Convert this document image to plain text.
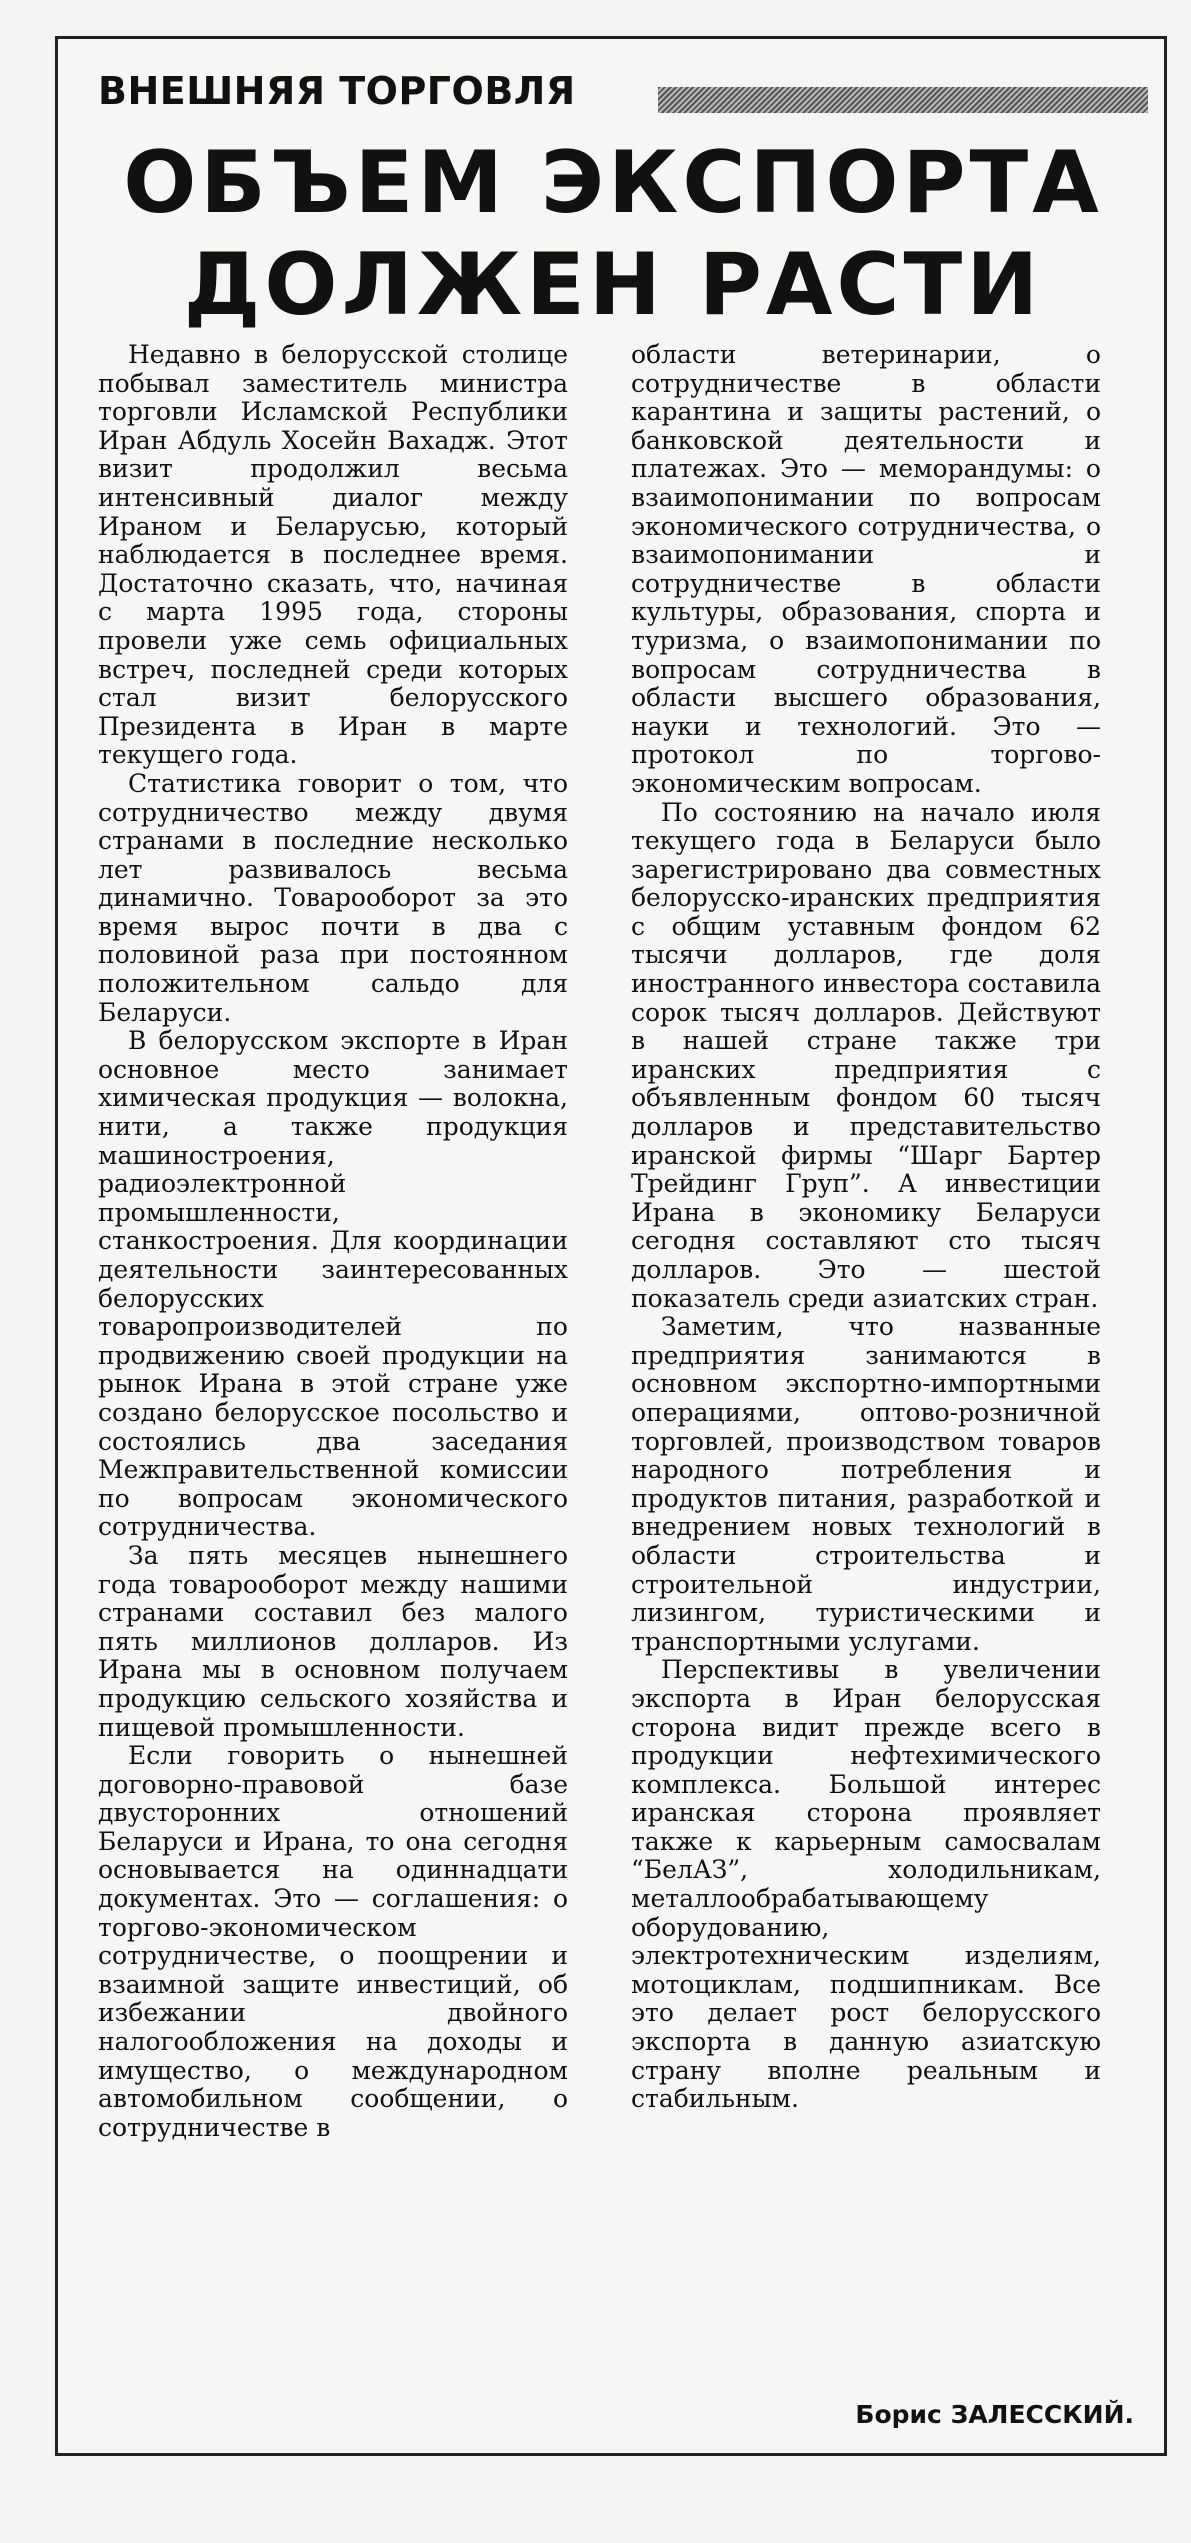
ВНЕШНЯЯ ТОРГОВЛЯ
ОБЪЕМ ЭКСПОРТА
ДОЛЖЕН РАСТИ

Недавно в белорусской столице побывал заместитель министра торговли Исламской Республики Иран Абдуль Хосейн Вахадж. Этот визит продолжил весьма интенсивный диалог между Ираном и Беларусью, который наблюдается в последнее время. Достаточно сказать, что, начиная с марта 1995 года, стороны провели уже семь официальных встреч, последней среди которых стал визит белорусского Президента в Иран в марте текущего года.

Статистика говорит о том, что сотрудничество между двумя странами в последние несколько лет развивалось весьма динамично. Товарооборот за это время вырос почти в два с половиной раза при постоянном положительном сальдо для Беларуси.

В белорусском экспорте в Иран основное место занимает химическая продукция — волокна, нити, а также продукция машиностроения, радиоэлектронной промышленности, станкостроения. Для координации деятельности заинтересованных белорусских товаропроизводителей по продвижению своей продукции на рынок Ирана в этой стране уже создано белорусское посольство и состоялись два заседания Межправительственной комиссии по вопросам экономического сотрудничества.

За пять месяцев нынешнего года товарооборот между нашими странами составил без малого пять миллионов долларов. Из Ирана мы в основном получаем продукцию сельского хозяйства и пищевой промышленности.

Если говорить о нынешней договорно-правовой базе двусторонних отношений Беларуси и Ирана, то она сегодня основывается на одиннадцати документах. Это — соглашения: о торгово-экономическом сотрудничестве, о поощрении и взаимной защите инвестиций, об избежании двойного налогообложения на доходы и имущество, о международном автомобильном сообщении, о сотрудничестве в

области ветеринарии, о сотрудничестве в области карантина и защиты растений, о банковской деятельности и платежах. Это — меморандумы: о взаимопонимании по вопросам экономического сотрудничества, о взаимопонимании и сотрудничестве в области культуры, образования, спорта и туризма, о взаимопонимании по вопросам сотрудничества в области высшего образования, науки и технологий. Это — протокол по торгово-экономическим вопросам.

По состоянию на начало июля текущего года в Беларуси было зарегистрировано два совместных белорусско-иранских предприятия с общим уставным фондом 62 тысячи долларов, где доля иностранного инвестора составила сорок тысяч долларов. Действуют в нашей стране также три иранских предприятия с объявленным фондом 60 тысяч долларов и представительство иранской фирмы “Шарг Бартер Трейдинг Груп”. А инвестиции Ирана в экономику Беларуси сегодня составляют сто тысяч долларов. Это — шестой показатель среди азиатских стран.

Заметим, что названные предприятия занимаются в основном экспортно-импортными операциями, оптово-розничной торговлей, производством товаров народного потребления и продуктов питания, разработкой и внедрением новых технологий в области строительства и строительной индустрии, лизингом, туристическими и транспортными услугами.

Перспективы в увеличении экспорта в Иран белорусская сторона видит прежде всего в продукции нефтехимического комплекса. Большой интерес иранская сторона проявляет также к карьерным самосвалам “БелАЗ”, холодильникам, металлообрабатывающему оборудованию, электротехническим изделиям, мотоциклам, подшипникам. Все это делает рост белорусского экспорта в данную азиатскую страну вполне реальным и стабильным.

Борис ЗАЛЕССКИЙ.
